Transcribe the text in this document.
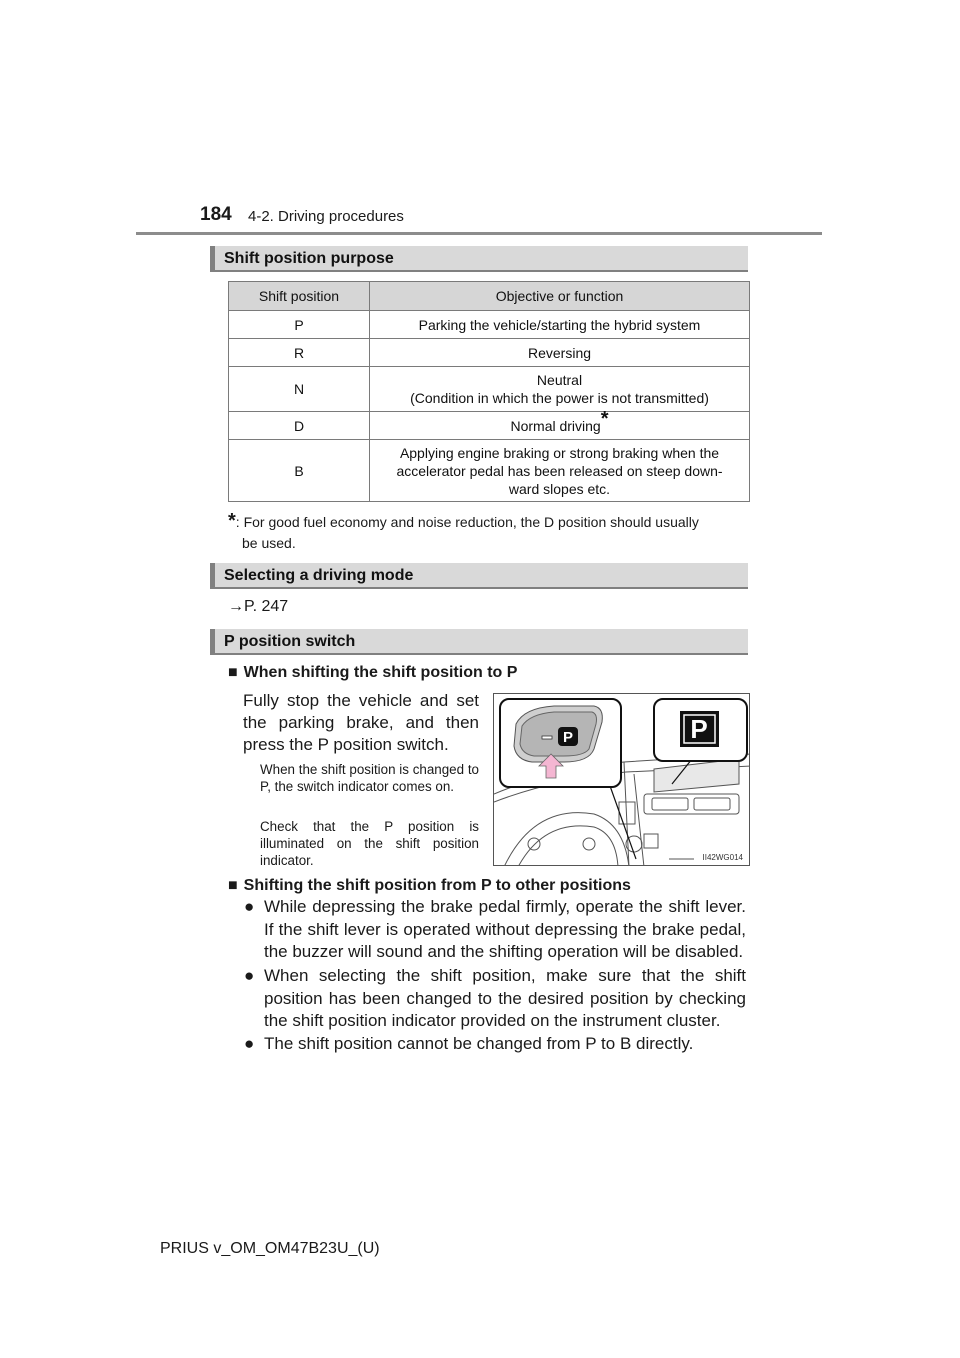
184 4-2. Driving procedures
Shift position purpose
Shift position	Objective or function
P	Parking the vehicle/starting the hybrid system

R	Reversing

N	Neutral
(Condition in which the power is not transmitted)

D	Normal driving*
B	Applying engine braking or strong braking when the
accelerator pedal has been released on steep down-
ward slopes etc.
*: For good fuel economy and noise reduction, the D position should usually
be used.
Selecting a driving mode
→P. 247
P position switch
■ When shifting the shift position to P
Fully stop the vehicle and set the parking brake, and then press the P position switch.
When the shift position is changed to P, the switch indicator comes on.
Check that the P position is illuminated on the shift position indicator.
P	P
II42WG014
■ Shifting the shift position from P to other positions
● While depressing the brake pedal firmly, operate the shift lever. If the shift lever is operated without depressing the brake pedal, the buzzer will sound and the shifting operation will be disabled.
● When selecting the shift position, make sure that the shift position has been changed to the desired position by checking the shift position indicator provided on the instrument cluster.
● The shift position cannot be changed from P to B directly.
PRIUS v_OM_OM47B23U_(U)
